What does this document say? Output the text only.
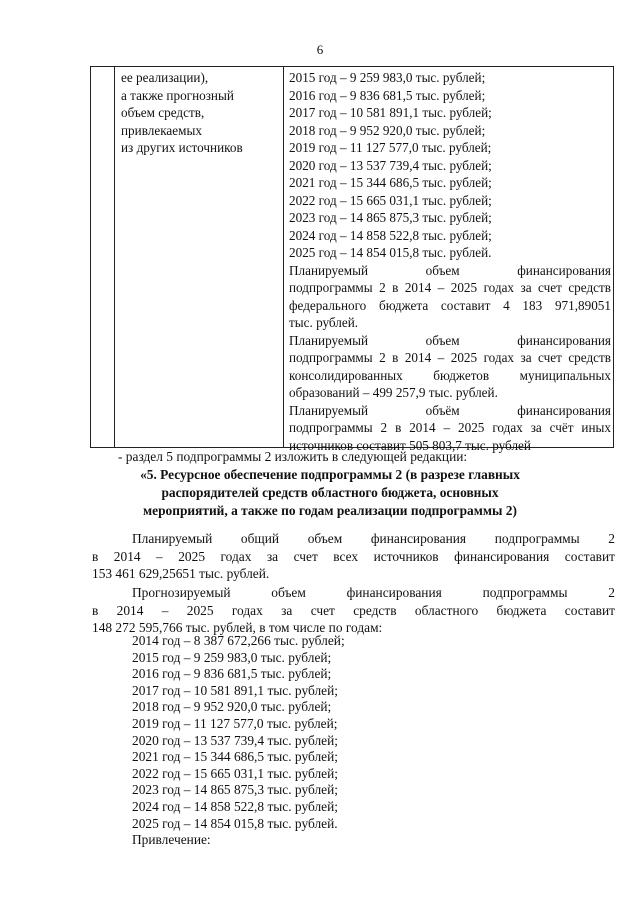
6
ее реализации),
а также прогнозный
объем средств,
привлекаемых
из других источников
2015 год – 9 259 983,0 тыс. рублей;
2016 год – 9 836 681,5 тыс. рублей;
2017 год – 10 581 891,1 тыс. рублей;
2018 год – 9 952 920,0 тыс. рублей;
2019 год – 11 127 577,0 тыс. рублей;
2020 год – 13 537 739,4 тыс. рублей;
2021 год – 15 344 686,5 тыс. рублей;
2022 год – 15 665 031,1 тыс. рублей;
2023 год – 14 865 875,3 тыс. рублей;
2024 год – 14 858 522,8 тыс. рублей;
2025 год – 14 854 015,8 тыс. рублей.
Планируемый объем финансирования
подпрограммы 2 в 2014 – 2025 годах за счет средств
федерального бюджета составит 4 183 971,89051
тыс. рублей.
Планируемый объем финансирования
подпрограммы 2 в 2014 – 2025 годах за счет средств
консолидированных бюджетов муниципальных
образований – 499 257,9 тыс. рублей.
Планируемый объём финансирования
подпрограммы 2 в 2014 – 2025 годах за счёт иных
источников составит 505 803,7 тыс. рублей
- раздел 5 подпрограммы 2 изложить в следующей редакции:
«5. Ресурсное обеспечение подпрограммы 2 (в разрезе главных
распорядителей средств областного бюджета, основных
мероприятий, а также по годам реализации подпрограммы 2)
Планируемый общий объем финансирования подпрограммы 2
в 2014 – 2025 годах за счет всех источников финансирования составит
153 461 629,25651 тыс. рублей.
Прогнозируемый объем финансирования подпрограммы 2
в 2014 – 2025 годах за счет средств областного бюджета составит
148 272 595,766 тыс. рублей, в том числе по годам:
2014 год – 8 387 672,266 тыс. рублей;
2015 год – 9 259 983,0 тыс. рублей;
2016 год – 9 836 681,5 тыс. рублей;
2017 год – 10 581 891,1 тыс. рублей;
2018 год – 9 952 920,0 тыс. рублей;
2019 год – 11 127 577,0 тыс. рублей;
2020 год – 13 537 739,4 тыс. рублей;
2021 год – 15 344 686,5 тыс. рублей;
2022 год – 15 665 031,1 тыс. рублей;
2023 год – 14 865 875,3 тыс. рублей;
2024 год – 14 858 522,8 тыс. рублей;
2025 год – 14 854 015,8 тыс. рублей.
Привлечение:
